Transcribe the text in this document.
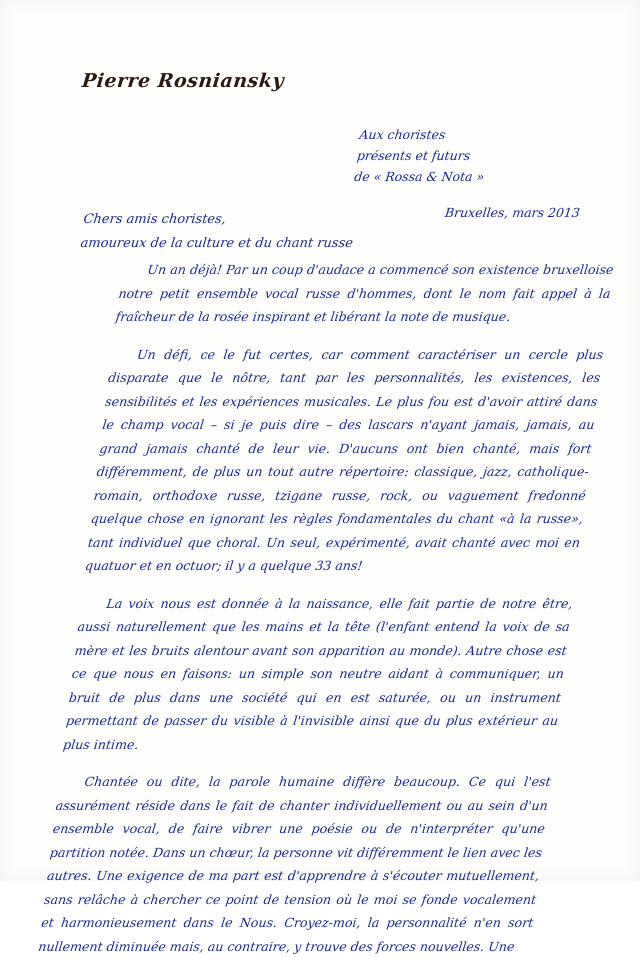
Pierre Rosniansky
Aux choristes
présents et futurs
de « Rossa & Nota »
Bruxelles, mars 2013
Chers amis choristes,
amoureux de la culture et du chant russe

Un an déjà! Par un coup d'audace a commencé son existence bruxelloise notre petit ensemble vocal russe d'hommes, dont le nom fait appel à la fraîcheur de la rosée inspirant et libérant la note de musique.

Un défi, ce le fut certes, car comment caractériser un cercle plus disparate que le nôtre, tant par les personnalités, les existences, les sensibilités et les expériences musicales. Le plus fou est d'avoir attiré dans le champ vocal – si je puis dire – des lascars n'ayant jamais, jamais, au grand jamais chanté de leur vie. D'aucuns ont bien chanté, mais fort différemment, de plus un tout autre répertoire: classique, jazz, catholique-romain, orthodoxe russe, tzigane russe, rock, ou vaguement fredonné quelque chose en ignorant les règles fondamentales du chant «à la russe», tant individuel que choral. Un seul, expérimenté, avait chanté avec moi en quatuor et en octuor; il y a quelque 33 ans!

La voix nous est donnée à la naissance, elle fait partie de notre être, aussi naturellement que les mains et la tête (l'enfant entend la voix de sa mère et les bruits alentour avant son apparition au monde). Autre chose est ce que nous en faisons: un simple son neutre aidant à communiquer, un bruit de plus dans une société qui en est saturée, ou un instrument permettant de passer du visible à l'invisible ainsi que du plus extérieur au plus intime.

Chantée ou dite, la parole humaine diffère beaucoup. Ce qui l'est assurément réside dans le fait de chanter individuellement ou au sein d'un ensemble vocal, de faire vibrer une poésie ou de n'interpréter qu'une partition notée. Dans un chœur, la personne vit différemment le lien avec les autres. Une exigence de ma part est d'apprendre à s'écouter mutuellement, sans relâche à chercher ce point de tension où le moi se fonde vocalement et harmonieusement dans le Nous. Croyez-moi, la personnalité n'en sort nullement diminuée mais, au contraire, y trouve des forces nouvelles. Une
